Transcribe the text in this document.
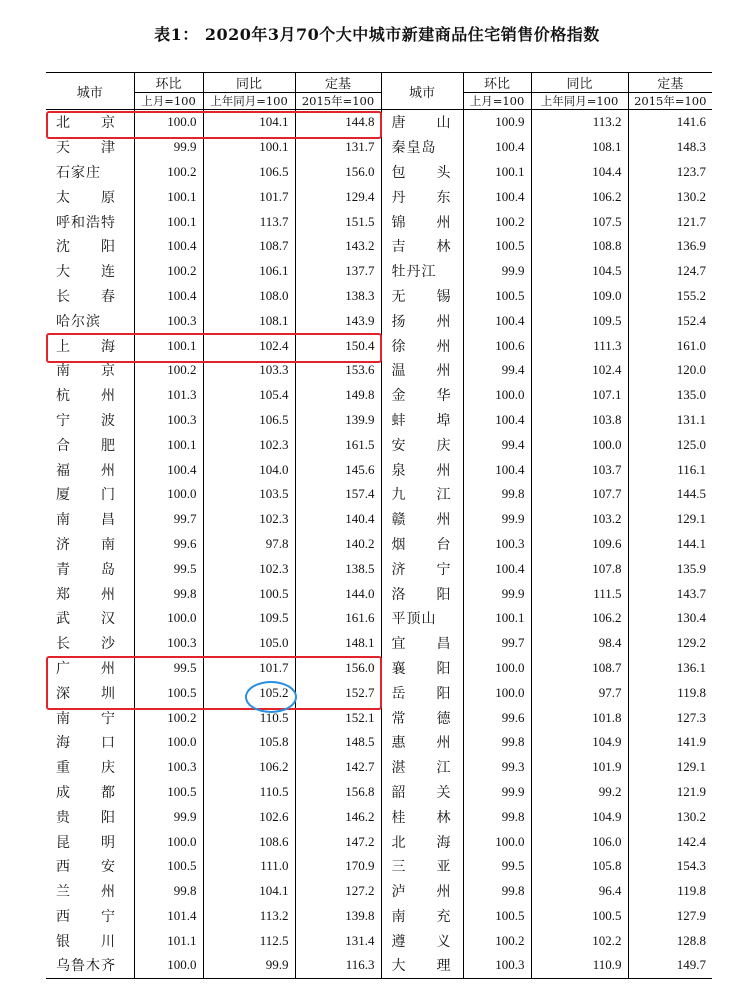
表1： 2020年3月70个大中城市新建商品住宅销售价格指数
城市	环比	同比	定基	城市	环比	同比	定基
	上月=100	上年同月=100	2015年=100		上月=100	上年同月=100	2015年=100
北　　京	100.0	104.1	144.8	唐　　山	100.9	113.2	141.6
天　　津	99.9	100.1	131.7	秦皇岛	100.4	108.1	148.3
石家庄	100.2	106.5	156.0	包　　头	100.1	104.4	123.7
太　　原	100.1	101.7	129.4	丹　　东	100.4	106.2	130.2
呼和浩特	100.1	113.7	151.5	锦　　州	100.2	107.5	121.7
沈　　阳	100.4	108.7	143.2	吉　　林	100.5	108.8	136.9
大　　连	100.2	106.1	137.7	牡丹江	99.9	104.5	124.7
长　　春	100.4	108.0	138.3	无　　锡	100.5	109.0	155.2
哈尔滨	100.3	108.1	143.9	扬　　州	100.4	109.5	152.4
上　　海	100.1	102.4	150.4	徐　　州	100.6	111.3	161.0
南　　京	100.2	103.3	153.6	温　　州	99.4	102.4	120.0
杭　　州	101.3	105.4	149.8	金　　华	100.0	107.1	135.0
宁　　波	100.3	106.5	139.9	蚌　　埠	100.4	103.8	131.1
合　　肥	100.1	102.3	161.5	安　　庆	99.4	100.0	125.0
福　　州	100.4	104.0	145.6	泉　　州	100.4	103.7	116.1
厦　　门	100.0	103.5	157.4	九　　江	99.8	107.7	144.5
南　　昌	99.7	102.3	140.4	赣　　州	99.9	103.2	129.1
济　　南	99.6	97.8	140.2	烟　　台	100.3	109.6	144.1
青　　岛	99.5	102.3	138.5	济　　宁	100.4	107.8	135.9
郑　　州	99.8	100.5	144.0	洛　　阳	99.9	111.5	143.7
武　　汉	100.0	109.5	161.6	平顶山	100.1	106.2	130.4
长　　沙	100.3	105.0	148.1	宜　　昌	99.7	98.4	129.2
广　　州	99.5	101.7	156.0	襄　　阳	100.0	108.7	136.1
深　　圳	100.5	105.2	152.7	岳　　阳	100.0	97.7	119.8
南　　宁	100.2	110.5	152.1	常　　德	99.6	101.8	127.3
海　　口	100.0	105.8	148.5	惠　　州	99.8	104.9	141.9
重　　庆	100.3	106.2	142.7	湛　　江	99.3	101.9	129.1
成　　都	100.5	110.5	156.8	韶　　关	99.9	99.2	121.9
贵　　阳	99.9	102.6	146.2	桂　　林	99.8	104.9	130.2
昆　　明	100.0	108.6	147.2	北　　海	100.0	106.0	142.4
西　　安	100.5	111.0	170.9	三　　亚	99.5	105.8	154.3
兰　　州	99.8	104.1	127.2	泸　　州	99.8	96.4	119.8
西　　宁	101.4	113.2	139.8	南　　充	100.5	100.5	127.9
银　　川	101.1	112.5	131.4	遵　　义	100.2	102.2	128.8
乌鲁木齐	100.0	99.9	116.3	大　　理	100.3	110.9	149.7
